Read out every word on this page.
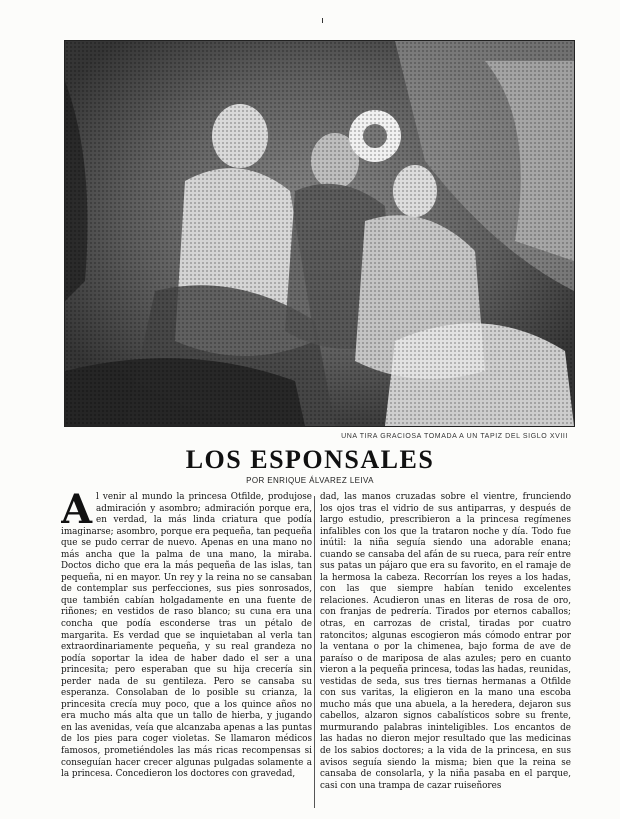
UNA TIRA GRACIOSA TOMADA A UN TAPIZ DEL SIGLO XVIII
LOS ESPONSALES
POR ENRIQUE ÁLVAREZ LEIVA
Al venir al mundo la princesa Otfilde, produjose admiración y asombro; admiración porque era, en verdad, la más linda criatura que podía imaginarse; asombro, porque era pequeña, tan pequeña que se pudo cerrar de nuevo. Apenas en una mano no más ancha que la palma de una mano, la miraba. Doctos dicho que era la más pequeña de las islas, tan pequeña, ni en mayor. Un rey y la reina no se cansaban de contemplar sus perfecciones, sus pies sonrosados, que también cabían holgadamente en una fuente de riñones; en vestidos de raso blanco; su cuna era una concha que podía esconderse tras un pétalo de margarita. Es verdad que se inquietaban al verla tan extraordinariamente pequeña, y su real grandeza no podía soportar la idea de haber dado el ser a una princesita; pero esperaban que su hija crecería sin perder nada de su gentileza. Pero se cansaba su esperanza. Consolaban de lo posible su crianza, la princesita crecía muy poco, que a los quince años no era mucho más alta que un tallo de hierba, y jugando en las avenidas, veía que alcanzaba apenas a las puntas de los pies para coger violetas. Se llamaron médicos famosos, prometiéndoles las más ricas recompensas si conseguían hacer crecer algunas pulgadas solamente a la princesa. Concedieron los doctores con gravedad,
dad, las manos cruzadas sobre el vientre, frunciendo los ojos tras el vidrio de sus antiparras, y después de largo estudio, prescribieron a la princesa regímenes infalibles con los que la trataron noche y día. Todo fue inútil: la niña seguía siendo una adorable enana; cuando se cansaba del afán de su rueca, para reír entre sus patas un pájaro que era su favorito, en el ramaje de la hermosa la cabeza. Recorrían los reyes a los hadas, con las que siempre habían tenido excelentes relaciones. Acudieron unas en literas de rosa de oro, con franjas de pedrería. Tirados por eternos caballos; otras, en carrozas de cristal, tiradas por cuatro ratoncitos; algunas escogieron más cómodo entrar por la ventana o por la chimenea, bajo forma de ave de paraíso o de mariposa de alas azules; pero en cuanto vieron a la pequeña princesa, todas las hadas, reunidas, vestidas de seda, sus tres tiernas hermanas a Otfilde con sus varitas, la eligieron en la mano una escoba mucho más que una abuela, a la heredera, dejaron sus cabellos, alzaron signos cabalísticos sobre su frente, murmurando palabras ininteligibles. Los encantos de las hadas no dieron mejor resultado que las medicinas de los sabios doctores; a la vida de la princesa, en sus avisos seguía siendo la misma; bien que la reina se cansaba de consolarla, y la niña pasaba en el parque, casi con una trampa de cazar ruiseñores
